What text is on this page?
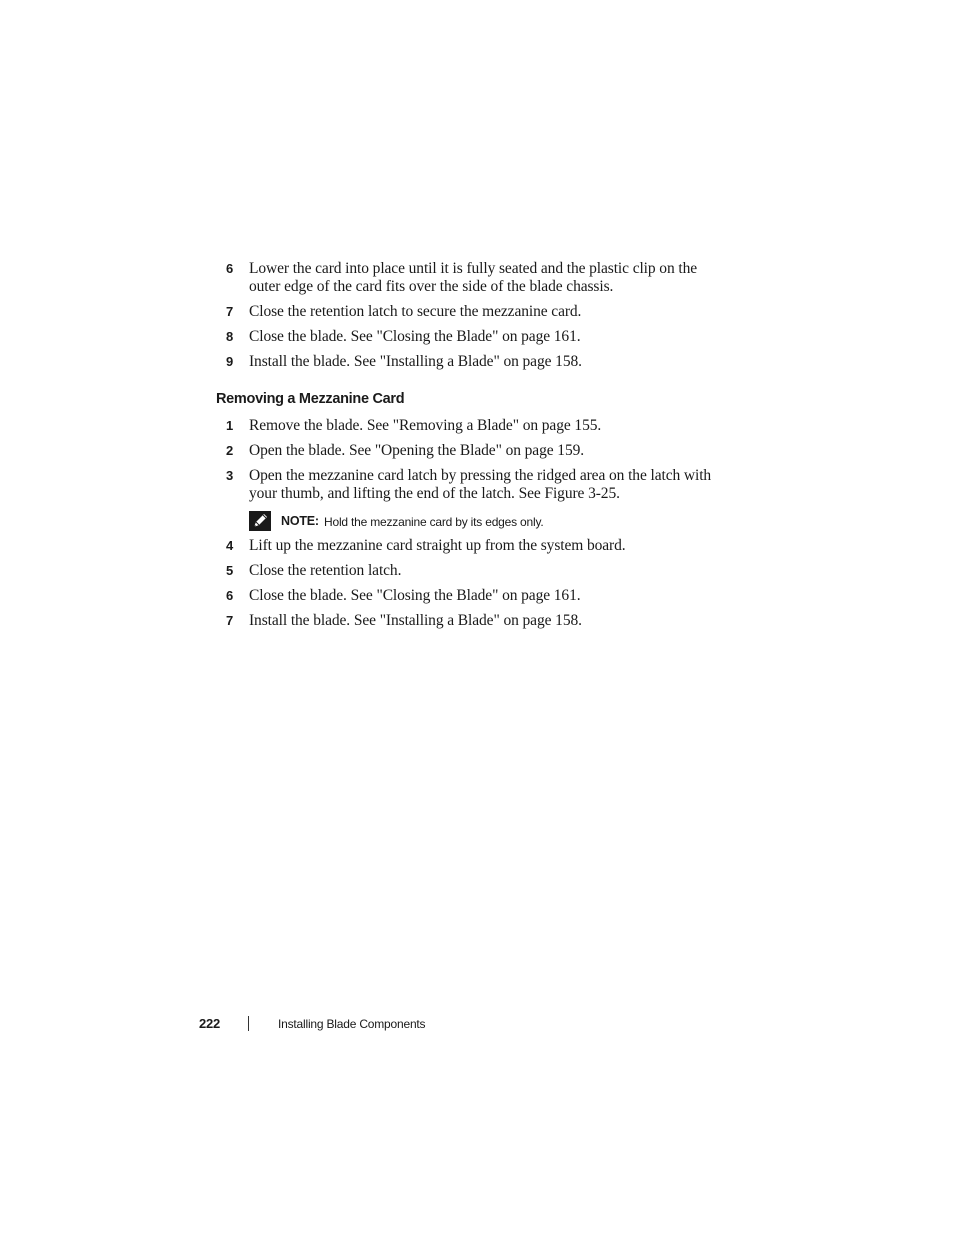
6 Lower the card into place until it is fully seated and the plastic clip on the outer edge of the card fits over the side of the blade chassis.
7 Close the retention latch to secure the mezzanine card.
8 Close the blade. See "Closing the Blade" on page 161.
9 Install the blade. See "Installing a Blade" on page 158.
Removing a Mezzanine Card
1 Remove the blade. See "Removing a Blade" on page 155.
2 Open the blade. See "Opening the Blade" on page 159.
3 Open the mezzanine card latch by pressing the ridged area on the latch with your thumb, and lifting the end of the latch. See Figure 3-25.
NOTE: Hold the mezzanine card by its edges only.
4 Lift up the mezzanine card straight up from the system board.
5 Close the retention latch.
6 Close the blade. See "Closing the Blade" on page 161.
7 Install the blade. See "Installing a Blade" on page 158.
222	Installing Blade Components
